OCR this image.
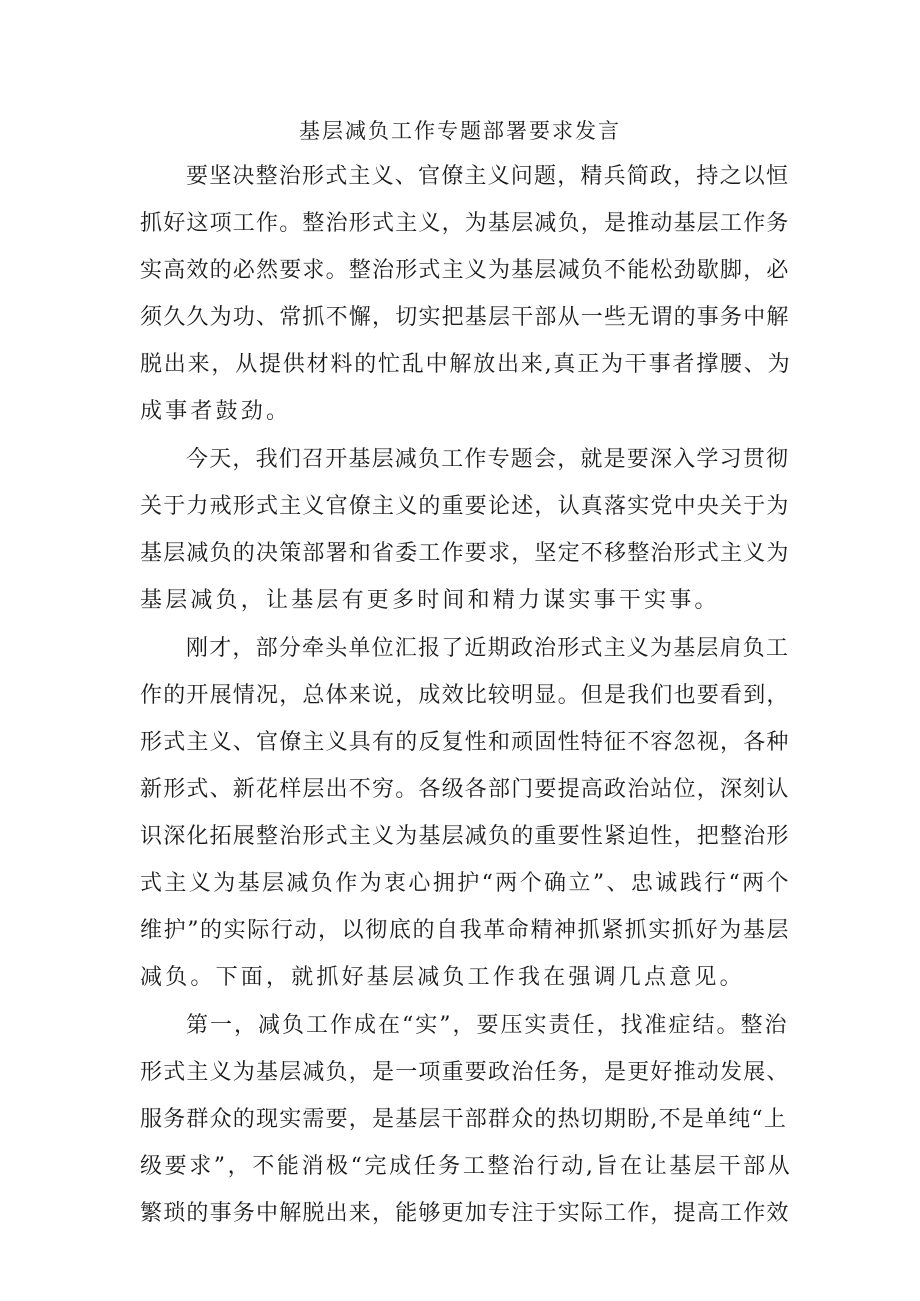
基层减负工作专题部署要求发言
要坚决整治形式主义、官僚主义问题，精兵简政，持之以恒
抓好这项工作。整治形式主义，为基层减负，是推动基层工作务
实高效的必然要求。整治形式主义为基层减负不能松劲歇脚，必
须久久为功、常抓不懈，切实把基层干部从一些无谓的事务中解
脱出来，从提供材料的忙乱中解放出来,真正为干事者撑腰、为
成事者鼓劲。
今天，我们召开基层减负工作专题会，就是要深入学习贯彻
关于力戒形式主义官僚主义的重要论述，认真落实党中央关于为
基层减负的决策部署和省委工作要求，坚定不移整治形式主义为
基层减负，让基层有更多时间和精力谋实事干实事。
刚才，部分牵头单位汇报了近期政治形式主义为基层肩负工
作的开展情况，总体来说，成效比较明显。但是我们也要看到，
形式主义、官僚主义具有的反复性和顽固性特征不容忽视，各种
新形式、新花样层出不穷。各级各部门要提高政治站位，深刻认
识深化拓展整治形式主义为基层减负的重要性紧迫性，把整治形
式主义为基层减负作为衷心拥护“两个确立”、忠诚践行“两个
维护”的实际行动，以彻底的自我革命精神抓紧抓实抓好为基层
减负。下面，就抓好基层减负工作我在强调几点意见。
第一，减负工作成在“实”，要压实责任，找准症结。整治
形式主义为基层减负，是一项重要政治任务，是更好推动发展、
服务群众的现实需要，是基层干部群众的热切期盼,不是单纯“上
级要求”，不能消极“完成任务工整治行动,旨在让基层干部从
繁琐的事务中解脱出来，能够更加专注于实际工作，提高工作效
